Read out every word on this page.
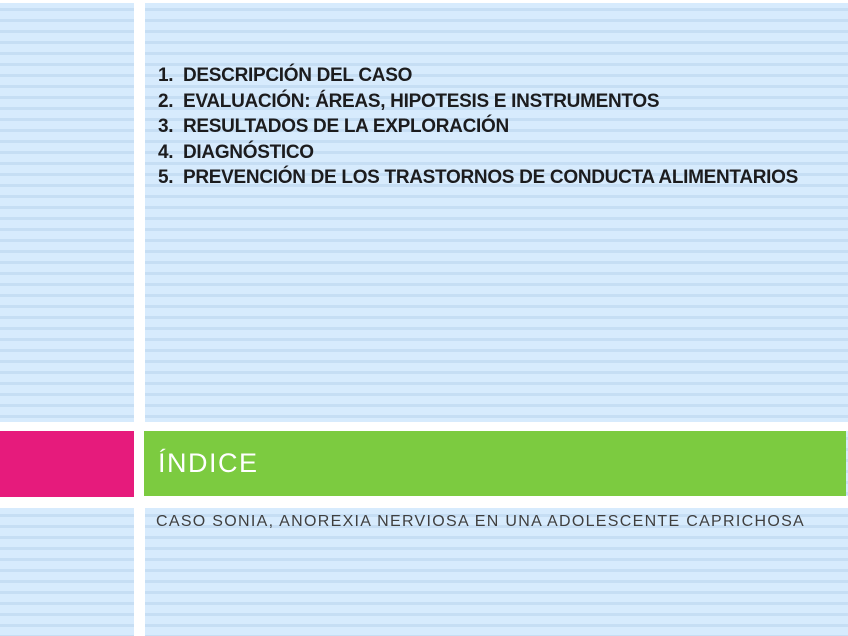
1. DESCRIPCIÓN DEL CASO
2. EVALUACIÓN: ÁREAS, HIPOTESIS E INSTRUMENTOS
3. RESULTADOS DE LA EXPLORACIÓN
4. DIAGNÓSTICO
5. PREVENCIÓN DE LOS TRASTORNOS DE CONDUCTA ALIMENTARIOS
ÍNDICE

CASO SONIA, ANOREXIA NERVIOSA EN UNA ADOLESCENTE CAPRICHOSA
